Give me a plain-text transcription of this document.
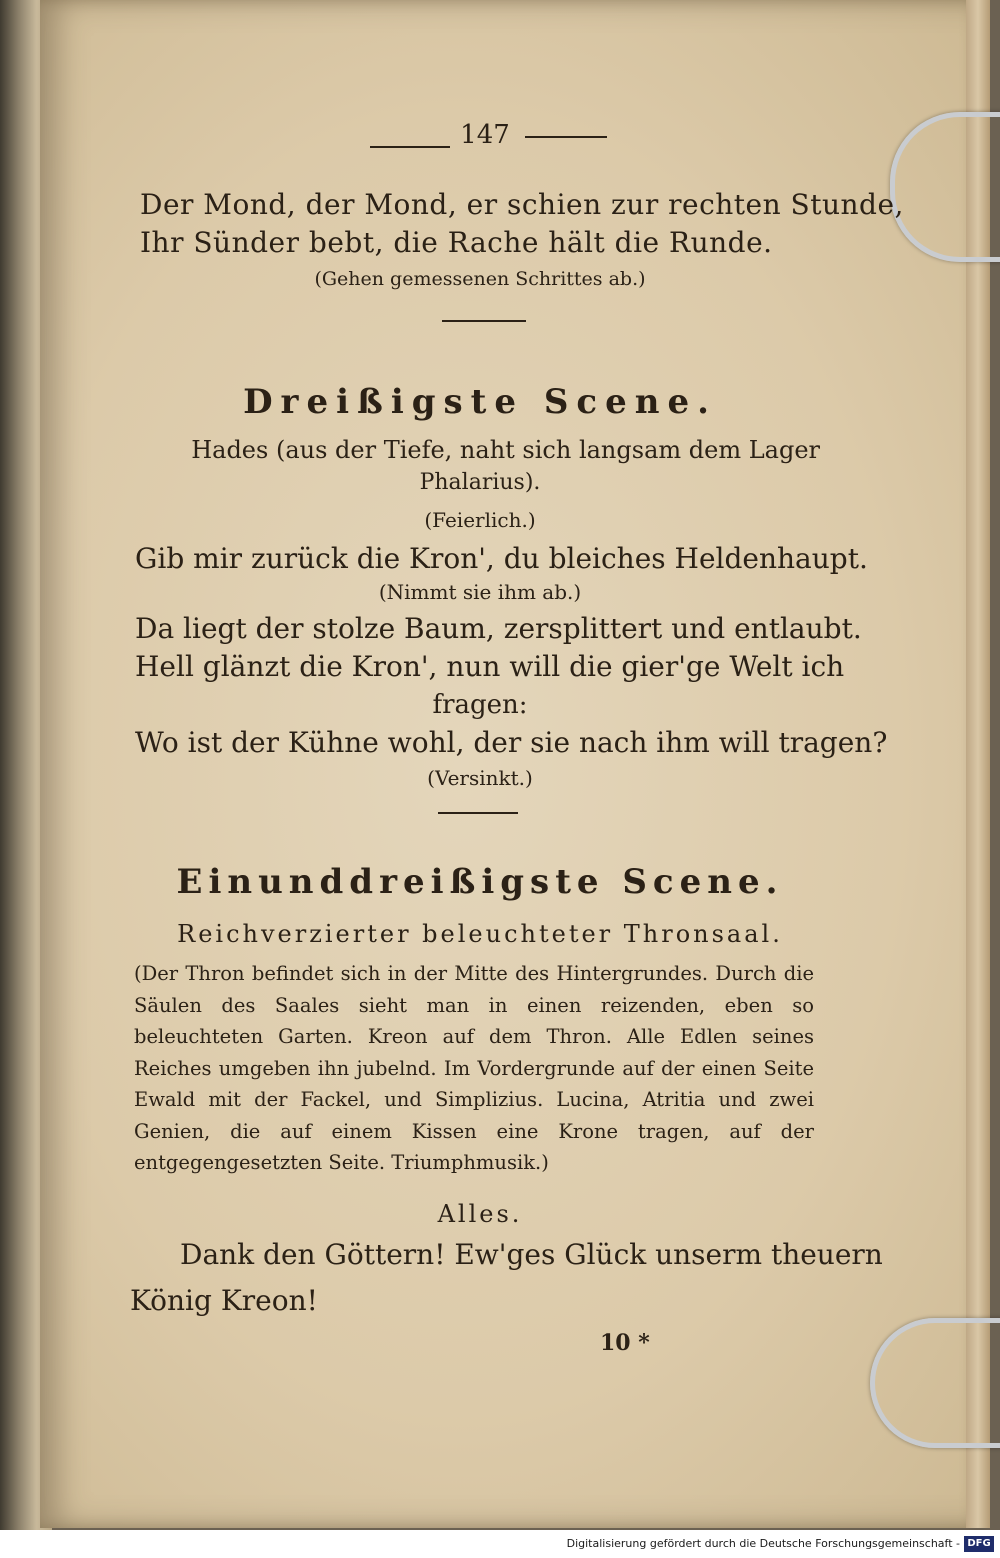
147
Der Mond, der Mond, er schien zur rechten Stunde,
Ihr Sünder bebt, die Rache hält die Runde.
(Gehen gemessenen Schrittes ab.)
Dreißigste Scene.
Hades (aus der Tiefe, naht sich langsam dem Lager
Phalarius).
(Feierlich.)
Gib mir zurück die Kron', du bleiches Heldenhaupt.
(Nimmt sie ihm ab.)
Da liegt der stolze Baum, zersplittert und entlaubt.
Hell glänzt die Kron', nun will die gier'ge Welt ich
fragen:
Wo ist der Kühne wohl, der sie nach ihm will tragen?
(Versinkt.)
Einunddreißigste Scene.
Reichverzierter beleuchteter Thronsaal.
(Der Thron befindet sich in der Mitte des Hintergrundes. Durch die Säulen des Saales sieht man in einen reizenden, eben so beleuchteten Garten. Kreon auf dem Thron. Alle Edlen seines Reiches umgeben ihn jubelnd. Im Vordergrunde auf der einen Seite Ewald mit der Fackel, und Simplizius. Lucina, Atritia und zwei Genien, die auf einem Kissen eine Krone tragen, auf der entgegengesetzten Seite. Triumphmusik.)
Alles.
Dank den Göttern! Ew'ges Glück unserm theuern
König Kreon!
10 *
Digitalisierung gefördert durch die Deutsche Forschungsgemeinschaft - DFG
